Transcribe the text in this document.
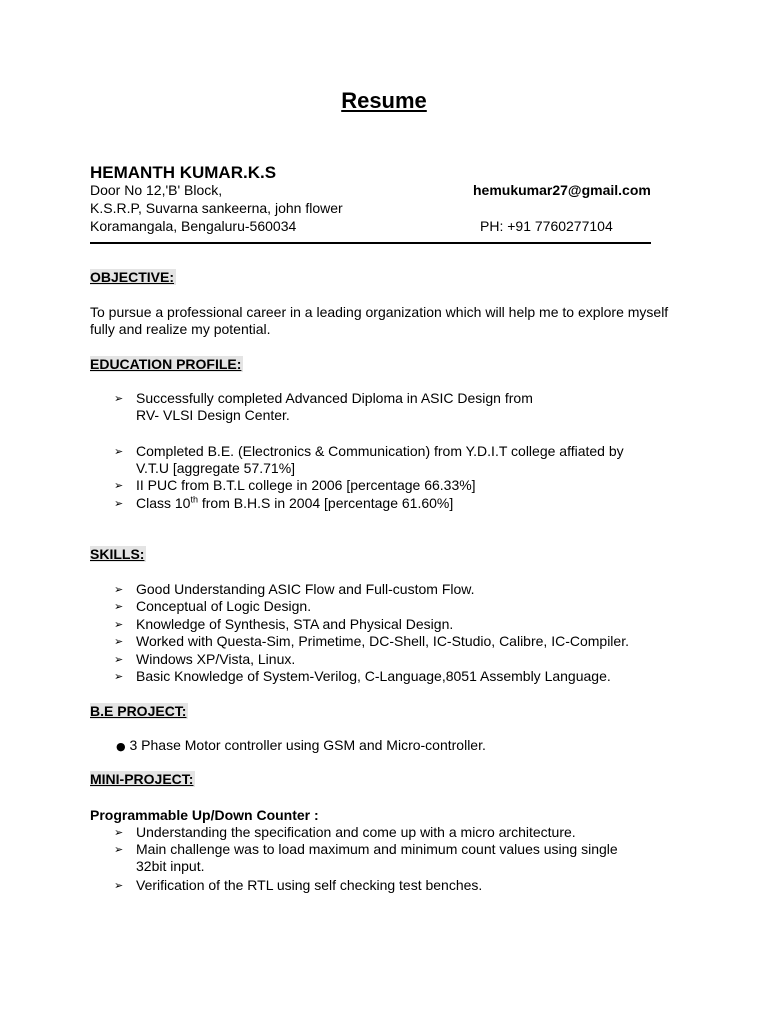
Resume
HEMANTH KUMAR.K.S
Door No 12,'B' Block,
K.S.R.P, Suvarna sankeerna, john flower
Koramangala, Bengaluru-560034
hemukumar27@gmail.com
PH: +91 7760277104
OBJECTIVE:
To pursue a professional career in a leading organization which will help me to explore myself fully and realize my potential.
EDUCATION PROFILE:
➢ Successfully completed Advanced Diploma in ASIC Design from
RV- VLSI Design Center.
➢ Completed B.E. (Electronics & Communication) from Y.D.I.T college affiated by
V.T.U [aggregate 57.71%]
➢ II PUC from B.T.L college in 2006 [percentage 66.33%]
➢ Class 10th from B.H.S in 2004 [percentage 61.60%]
SKILLS:
➢ Good Understanding ASIC Flow and Full-custom Flow.
➢ Conceptual of Logic Design.
➢ Knowledge of Synthesis, STA and Physical Design.
➢ Worked with Questa-Sim, Primetime, DC-Shell, IC-Studio, Calibre, IC-Compiler.
➢ Windows XP/Vista, Linux.
➢ Basic Knowledge of System-Verilog, C-Language,8051 Assembly Language.
B.E PROJECT:
● 3 Phase Motor controller using GSM and Micro-controller.
MINI-PROJECT:
Programmable Up/Down Counter :
➢ Understanding the specification and come up with a micro architecture.
➢ Main challenge was to load maximum and minimum count values using single
32bit input.
➢ Verification of the RTL using self checking test benches.
